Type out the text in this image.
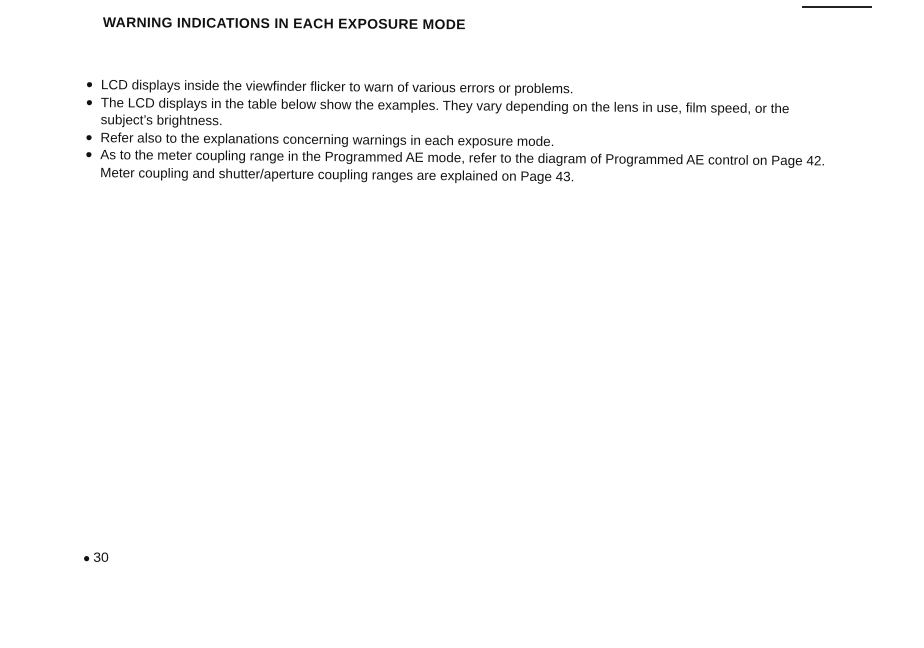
WARNING INDICATIONS IN EACH EXPOSURE MODE
● LCD displays inside the viewfinder flicker to warn of various errors or problems.
● The LCD displays in the table below show the examples. They vary depending on the lens in use, film speed, or the subject’s brightness.
● Refer also to the explanations concerning warnings in each exposure mode.
● As to the meter coupling range in the Programmed AE mode, refer to the diagram of Programmed AE control on Page 42. Meter coupling and shutter/aperture coupling ranges are explained on Page 43.
● 30
